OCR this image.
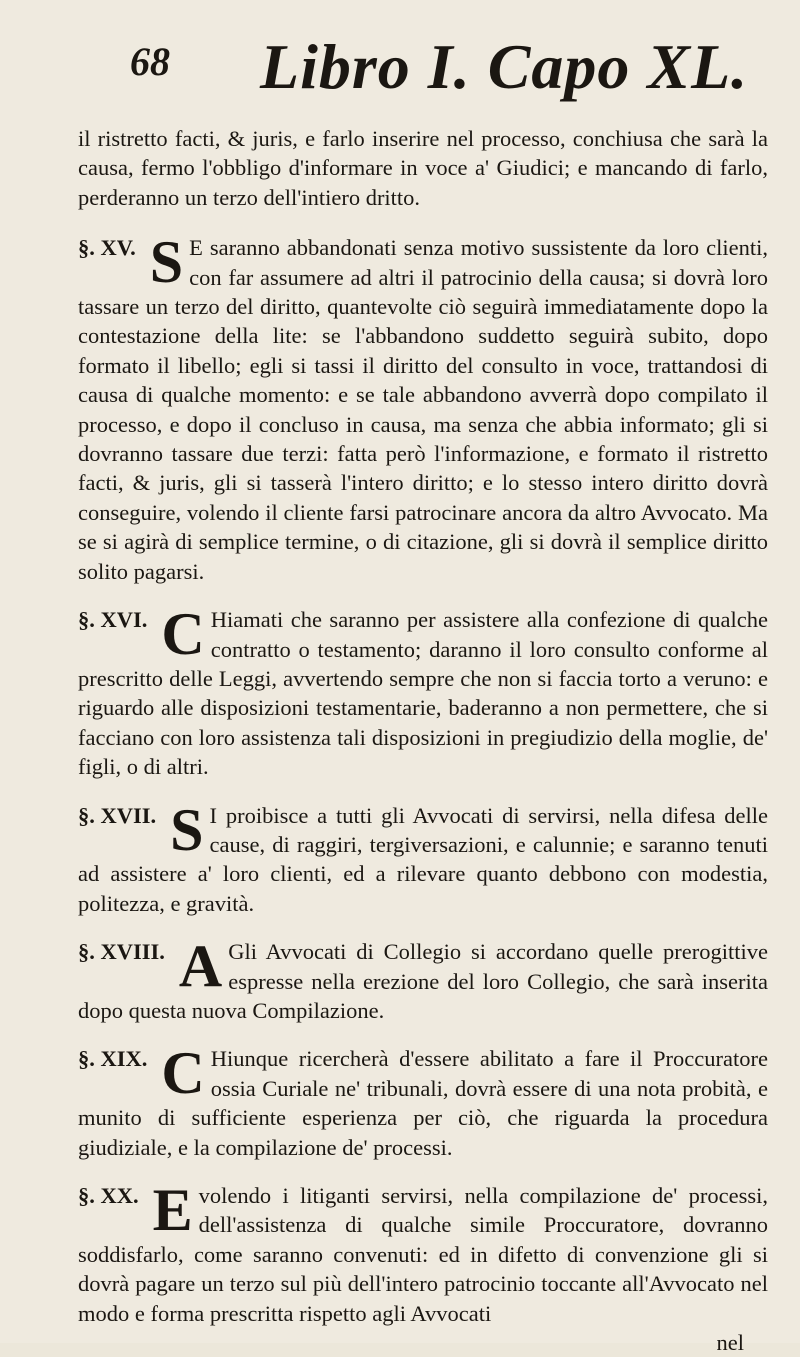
68 Libro I. Capo XL.

il ristretto facti, & juris, e farlo inserire nel processo, conchiusa che sarà la causa, fermo l'obbligo d'informare in voce a' Giudici; e mancando di farlo, perderanno un terzo dell'intiero dritto.

§. XV. S E saranno abbandonati senza motivo sussistente da loro clienti, con far assumere ad altri il patrocinio della causa; si dovrà loro tassare un terzo del diritto, quantevolte ciò seguirà immediatamente dopo la contestazione della lite: se l'abbandono suddetto seguirà subito, dopo formato il libello; egli si tassi il diritto del consulto in voce, trattandosi di causa di qualche momento: e se tale abbandono avverrà dopo compilato il processo, e dopo il concluso in causa, ma senza che abbia informato; gli si dovranno tassare due terzi: fatta però l'informazione, e formato il ristretto facti, & juris, gli si tasserà l'intero diritto; e lo stesso intero diritto dovrà conseguire, volendo il cliente farsi patrocinare ancora da altro Avvocato. Ma se si agirà di semplice termine, o di citazione, gli si dovrà il semplice diritto solito pagarsi.

§. XVI. C Hiamati che saranno per assistere alla confezione di qualche contratto o testamento; daranno il loro consulto conforme al prescritto delle Leggi, avvertendo sempre che non si faccia torto a veruno: e riguardo alle disposizioni testamentarie, baderanno a non permettere, che si facciano con loro assistenza tali disposizioni in pregiudizio della moglie, de' figli, o di altri.

§. XVII. S I proibisce a tutti gli Avvocati di servirsi, nella difesa delle cause, di raggiri, tergiversazioni, e calunnie; e saranno tenuti ad assistere a' loro clienti, ed a rilevare quanto debbono con modestia, politezza, e gravità.

§. XVIII. A Gli Avvocati di Collegio si accordano quelle prerogittive espresse nella erezione del loro Collegio, che sarà inserita dopo questa nuova Compilazione.

§. XIX. C Hiunque ricercherà d'essere abilitato a fare il Proccuratore ossia Curiale ne' tribunali, dovrà essere di una nota probità, e munito di sufficiente esperienza per ciò, che riguarda la procedura giudiziale, e la compilazione de' processi.

§. XX. E volendo i litiganti servirsi, nella compilazione de' processi, dell'assistenza di qualche simile Proccuratore, dovranno soddisfarlo, come saranno convenuti: ed in difetto di convenzione gli si dovrà pagare un terzo sul più dell'intero patrocinio toccante all'Avvocato nel modo e forma prescritta rispetto agli Avvocati

nel
